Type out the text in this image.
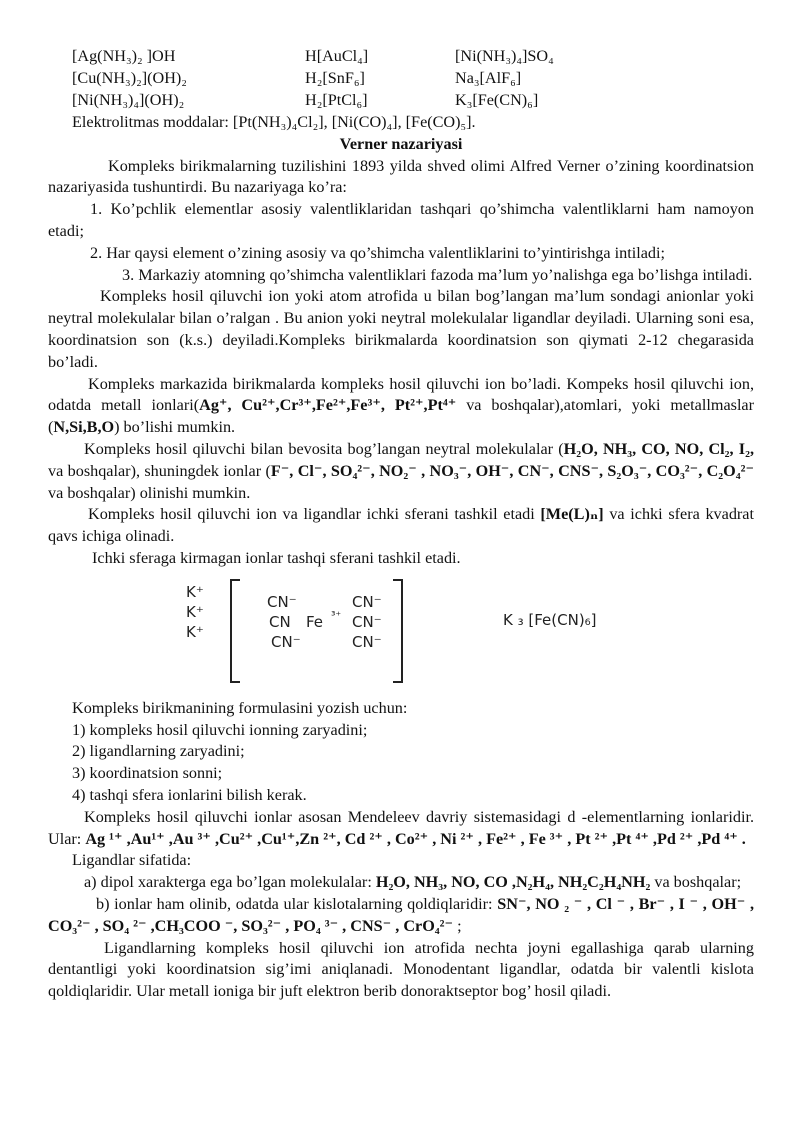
[Ag(NH₃)₂ ]OH	H[AuCl₄]	[Ni(NH₃)₄]SO₄
[Cu(NH₃)₂](OH)₂	H₂[SnF₆]	Na₃[AlF₆]
[Ni(NH₃)₄](OH)₂	H₂[PtCl₆]	K₃[Fe(CN)₆]
Elektrolitmas moddalar: [Pt(NH₃)₄Cl₂], [Ni(CO)₄], [Fe(CO)₅].
Verner nazariyasi

Kompleks birikmalarning tuzilishini 1893 yilda shved olimi Alfred Verner o’zining koordinatsion nazariyasida tushuntirdi. Bu nazariyaga ko’ra:

1. Ko’pchlik elementlar asosiy valentliklaridan tashqari qo’shimcha valentliklarni ham namoyon etadi;

2. Har qaysi element o’zining asosiy va qo’shimcha valentliklarini to’yintirishga intiladi;

3. Markaziy atomning qo’shimcha valentliklari fazoda ma’lum yo’nalishga ega bo’lishga intiladi.

Kompleks hosil qiluvchi ion yoki atom atrofida u bilan bog’langan ma’lum sondagi anionlar yoki neytral molekulalar bilan o’ralgan . Bu anion yoki neytral molekulalar ligandlar deyiladi. Ularning soni esa, koordinatsion son (k.s.) deyiladi.Kompleks birikmalarda koordinatsion son qiymati 2-12 chegarasida bo’ladi.

Kompleks markazida birikmalarda kompleks hosil qiluvchi ion bo’ladi. Kompeks hosil qiluvchi ion, odatda metall ionlari(Ag⁺, Cu²⁺,Cr³⁺,Fe²⁺,Fe³⁺, Pt²⁺,Pt⁴⁺ va boshqalar),atomlari, yoki metallmaslar (N,Si,B,O) bo’lishi mumkin.

Kompleks hosil qiluvchi bilan bevosita bog’langan neytral molekulalar (H₂O, NH₃, CO, NO, Cl₂, I₂, va boshqalar), shuningdek ionlar (F⁻, Cl⁻, SO₄²⁻, NO₂⁻ , NO₃⁻, OH⁻, CN⁻, CNS⁻, S₂O₃⁻, CO₃²⁻, C₂O₄²⁻ va boshqalar) olinishi mumkin.

Kompleks hosil qiluvchi ion va ligandlar ichki sferani tashkil etadi [Me(L)ₙ] va ichki sfera kvadrat qavs ichiga olinadi.

Ichki sferaga kirmagan ionlar tashqi sferani tashkil etadi.

K⁺
K⁺
K⁺
CN⁻	CN⁻
CN Fe ³⁺ CN⁻
CN⁻	CN⁻
K ₃ [Fe(CN)₆]
Kompleks birikmanining formulasini yozish uchun:
1) kompleks hosil qiluvchi ionning zaryadini;
2) ligandlarning zaryadini;
3) koordinatsion sonni;
4) tashqi sfera ionlarini bilish kerak.

Kompleks hosil qiluvchi ionlar asosan Mendeleev davriy sistemasidagi d -elementlarning ionlaridir. Ular: Ag ¹⁺ ,Au¹⁺ ,Au ³⁺ ,Cu²⁺ ,Cu¹⁺,Zn ²⁺, Cd ²⁺ , Co²⁺ , Ni ²⁺ , Fe²⁺ , Fe ³⁺ , Pt ²⁺ ,Pt ⁴⁺ ,Pd ²⁺ ,Pd ⁴⁺ .

Ligandlar sifatida:

a) dipol xarakterga ega bo’lgan molekulalar: H₂O, NH₃, NO, CO ,N₂H₄, NH₂C₂H₄NH₂ va boshqalar;

b) ionlar ham olinib, odatda ular kislotalarning qoldiqlaridir: SN⁻, NO ₂ ⁻ , Cl ⁻ , Br⁻ , I ⁻ , OH⁻ , CO₃²⁻ , SO₄ ²⁻ ,CH₃COO ⁻, SO₃²⁻ , PO₄ ³⁻ , CNS⁻ , CrO₄²⁻ ;

Ligandlarning kompleks hosil qiluvchi ion atrofida nechta joyni egallashiga qarab ularning dentantligi yoki koordinatsion sig’imi aniqlanadi. Monodentant ligandlar, odatda bir valentli kislota qoldiqlaridir. Ular metall ioniga bir juft elektron berib donoraktseptor bog’ hosil qiladi.
